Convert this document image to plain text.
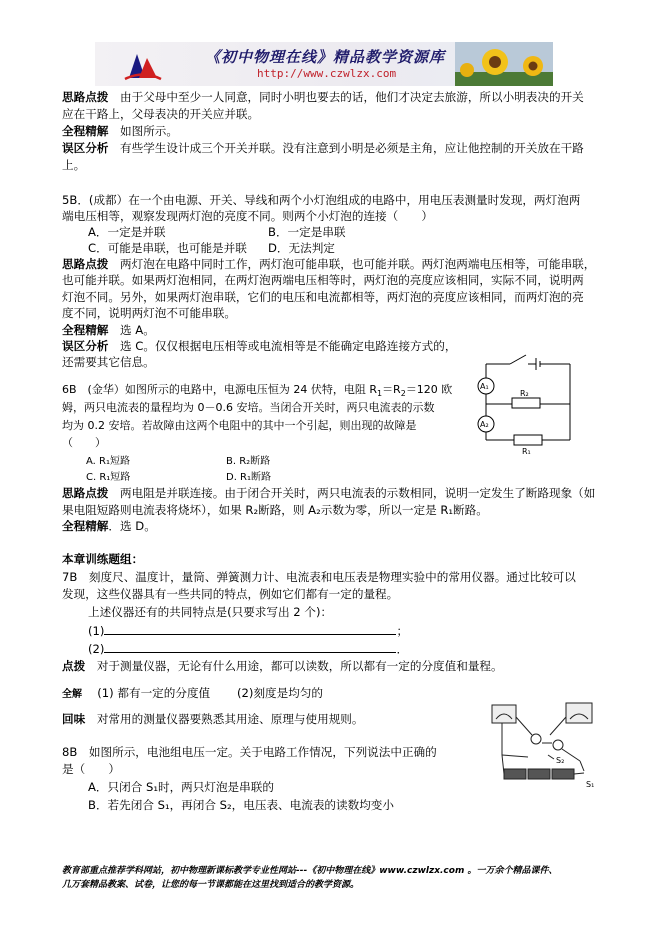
《初中物理在线》精品教学资源库
http://www.czwlzx.com
思路点拨　 由于父母中至少一人同意，同时小明也要去的话，他们才决定去旅游，所以小明表决的开关
应在干路上，父母表决的开关应并联。
全程精解　 如图所示。
误区分析　 有些学生设计成三个开关并联。没有注意到小明是必须是主角，应让他控制的开关放在干路
上。
5B．(成都）在一个由电源、开关、导线和两个小灯泡组成的电路中，用电压表测量时发现，两灯泡两
端电压相等，观察发现两灯泡的亮度不同。则两个小灯泡的连接（　　）
A．一定是并联	B．一定是串联
C．可能是串联，也可能是并联 D．无法判定
思路点拨　 两灯泡在电路中同时工作，两灯泡可能串联，也可能并联。两灯泡两端电压相等，可能串联，
也可能并联。如果两灯泡相同，在两灯泡两端电压相等时，两灯泡的亮度应该相同，实际不同，说明两
灯泡不同。另外，如果两灯泡串联，它们的电压和电流都相等，两灯泡的亮度应该相同，而两灯泡的亮
度不同，说明两灯泡不可能串联。
全程精解　 选 A。
误区分析　 选 C。仅仅根据电压相等或电流相等是不能确定电路连接方式的，
还需要其它信息。
6B　(金华）如图所示的电路中，电源电压恒为 24 伏特，电阻 $R_1=R_2=120$ 欧
姆，两只电流表的量程均为 0－0.6 安培。当闭合开关时，两只电流表的示数
均为 0.2 安培。若故障由这两个电阻中的其中一个引起，则出现的故障是
（　　）
A. R₁短路	B. R₂断路
C. R₁短路	D. R₁断路
A₁
A₂
R₂
R₁
思路点拨　 两电阻是并联连接。由于闭合开关时，两只电流表的示数相同，说明一定发生了断路现象（如
果电阻短路则电流表将烧坏），如果 R₂断路，则 A₂示数为零，所以一定是 R₁断路。
全程精解．选 D。
本章训练题组：
7B　刻度尺、温度计，量筒、弹簧测力计、电流表和电压表是物理实验中的常用仪器。通过比较可以
发现，这些仪器具有一些共同的特点，例如它们都有一定的量程。
上述仪器还有的共同特点是(只要求写出 2 个)：
(1)	；
(2)	．
点拨　 对于测量仪器，无论有什么用途，都可以读数，所以都有一定的分度值和量程。
全解　 (1) 都有一定的分度值　　 (2)刻度是均匀的
回味　 对常用的测量仪器要熟悉其用途、原理与使用规则。
S₂
S₁
8B　如图所示，电池组电压一定。关于电路工作情况，下列说法中正确的
是（　　）
A．只闭合 S₁时，两只灯泡是串联的
B．若先闭合 S₁，再闭合 S₂，电压表、电流表的读数均变小
教育部重点推荐学科网站，初中物理新课标教学专业性网站---《初中物理在线》www.czwlzx.com 。一万余个精品课件、
几万套精品教案、试卷，让您的每一节课都能在这里找到适合的教学资源。
